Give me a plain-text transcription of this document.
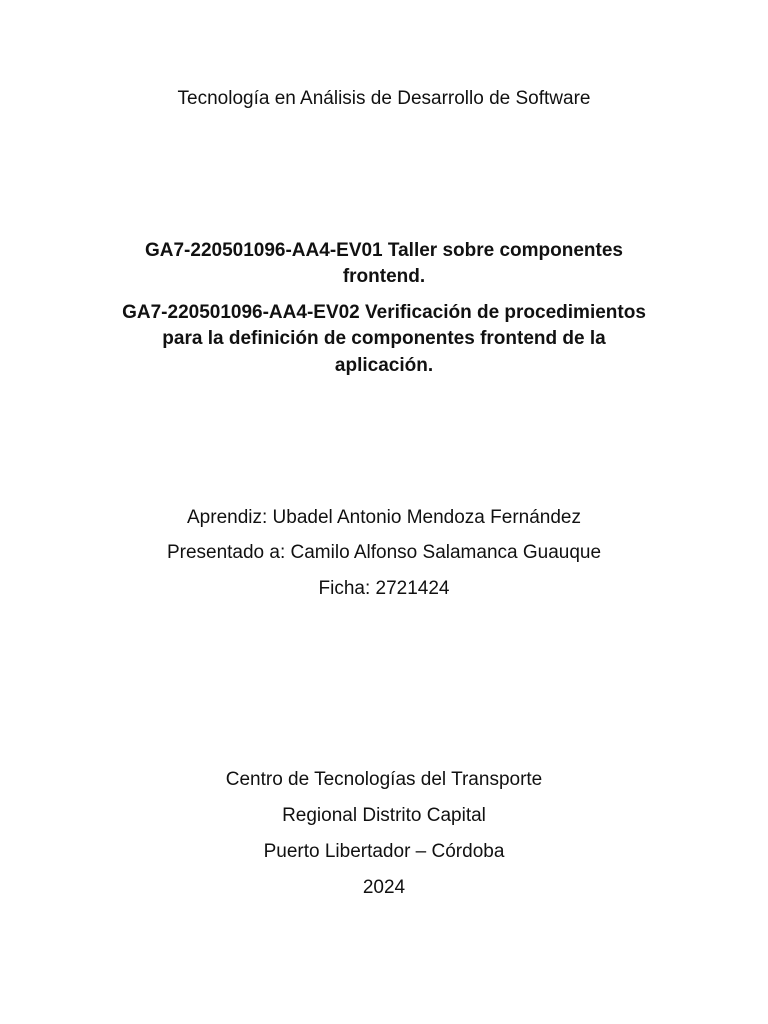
Tecnología en Análisis de Desarrollo de Software
GA7-220501096-AA4-EV01 Taller sobre componentes
frontend.
GA7-220501096-AA4-EV02 Verificación de procedimientos
para la definición de componentes frontend de la
aplicación.
Aprendiz: Ubadel Antonio Mendoza Fernández
Presentado a: Camilo Alfonso Salamanca Guauque
Ficha: 2721424
Centro de Tecnologías del Transporte
Regional Distrito Capital
Puerto Libertador – Córdoba
2024
